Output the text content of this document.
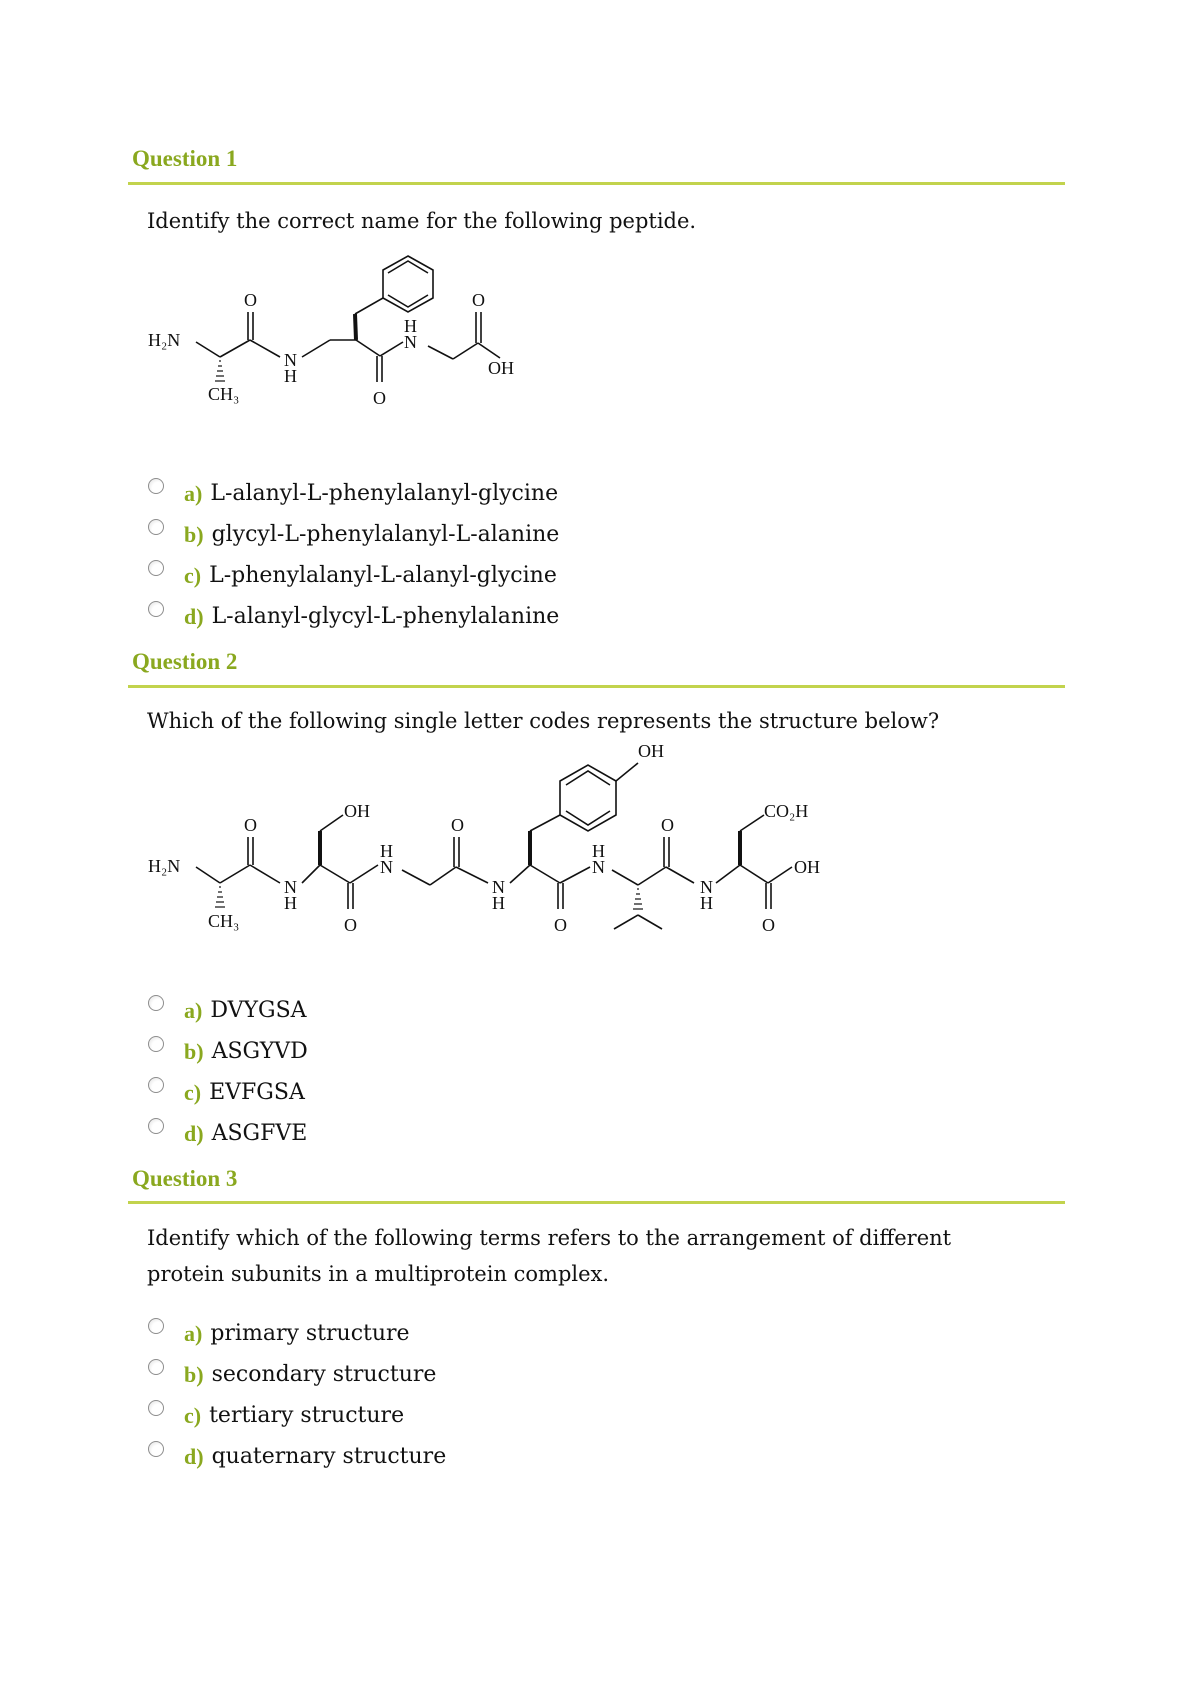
Question 1
Identify the correct name for the following peptide.
H₂N
CH₃
O
N
H
O
H
N
O
OH
a) L-alanyl-L-phenylalanyl-glycine
b) glycyl-L-phenylalanyl-L-alanine
c) L-phenylalanyl-L-alanyl-glycine
d) L-alanyl-glycyl-L-phenylalanine
Question 2
Which of the following single letter codes represents the structure below?
H₂N
CH₃
O
N
H
OH
O
H
N
O
N
H
O
OH
H
N
O
N
H
O
CO₂H
OH
a) DVYGSA
b) ASGYVD
c) EVFGSA
d) ASGFVE
Question 3
Identify which of the following terms refers to the arrangement of different protein subunits in a multiprotein complex.
a) primary structure
b) secondary structure
c) tertiary structure
d) quaternary structure
